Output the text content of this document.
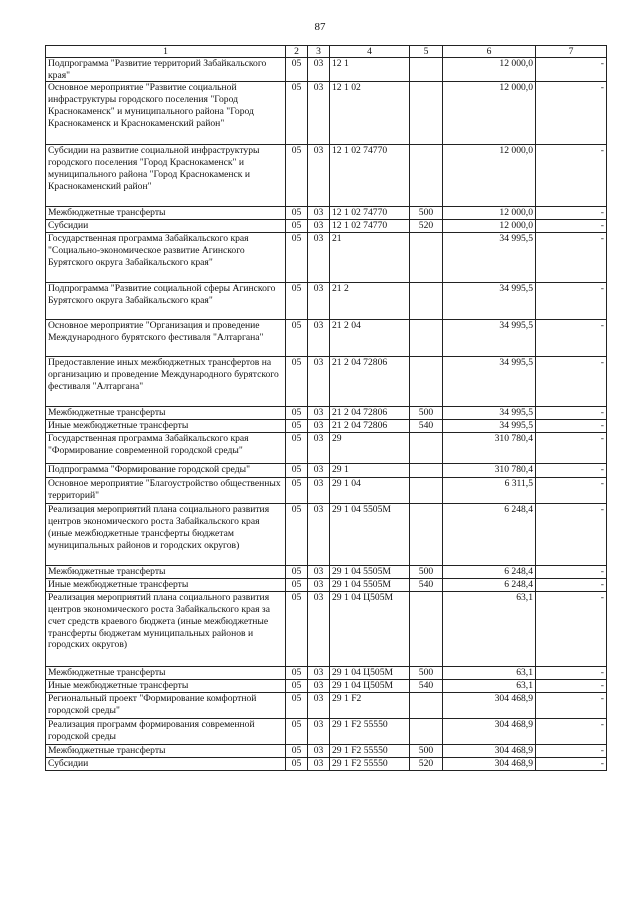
87
1	2	3	4	5	6	7
Подпрограмма "Развитие территорий Забайкальского края"	05	03	12 1		12 000,0	-
Основное мероприятие "Развитие социальной инфраструктуры городского поселения "Город Краснокаменск" и муниципального района "Город Краснокаменск и Краснокаменский район"	05	03	12 1 02		12 000,0	-
Субсидии на развитие социальной инфраструктуры городского поселения "Город Краснокаменск" и муниципального района "Город Краснокаменск и Краснокаменский район"	05	03	12 1 02 74770		12 000,0	-
Межбюджетные трансферты	05	03	12 1 02 74770	500	12 000,0	-
Субсидии	05	03	12 1 02 74770	520	12 000,0	-
Государственная программа Забайкальского края "Социально-экономическое развитие Агинского Бурятского округа Забайкальского края"	05	03	21		34 995,5	-
Подпрограмма "Развитие социальной сферы Агинского Бурятского округа Забайкальского края"	05	03	21 2		34 995,5	-
Основное мероприятие "Организация и проведение Международного бурятского фестиваля "Алтаргана"	05	03	21 2 04		34 995,5	-
Предоставление иных межбюджетных трансфертов на организацию и проведение Международного бурятского фестиваля "Алтаргана"	05	03	21 2 04 72806		34 995,5	-
Межбюджетные трансферты	05	03	21 2 04 72806	500	34 995,5	-
Иные межбюджетные трансферты	05	03	21 2 04 72806	540	34 995,5	-
Государственная программа Забайкальского края "Формирование современной городской среды"	05	03	29		310 780,4	-
Подпрограмма "Формирование городской среды"	05	03	29 1		310 780,4	-
Основное мероприятие "Благоустройство общественных территорий"	05	03	29 1 04		6 311,5	-
Реализация мероприятий плана социального развития центров экономического роста Забайкальского края (иные межбюджетные трансферты бюджетам муниципальных районов и городских округов)	05	03	29 1 04 5505М		6 248,4	-
Межбюджетные трансферты	05	03	29 1 04 5505М	500	6 248,4	-
Иные межбюджетные трансферты	05	03	29 1 04 5505М	540	6 248,4	-
Реализация мероприятий плана социального развития центров экономического роста Забайкальского края за счет средств краевого бюджета (иные межбюджетные трансферты бюджетам муниципальных районов и городских округов)	05	03	29 1 04 Ц505М		63,1	-
Межбюджетные трансферты	05	03	29 1 04 Ц505М	500	63,1	-
Иные межбюджетные трансферты	05	03	29 1 04 Ц505М	540	63,1	-
Региональный проект "Формирование комфортной городской среды"	05	03	29 1 F2		304 468,9	-
Реализация программ формирования современной городской среды	05	03	29 1 F2 55550		304 468,9	-
Межбюджетные трансферты	05	03	29 1 F2 55550	500	304 468,9	-
Субсидии	05	03	29 1 F2 55550	520	304 468,9	-
